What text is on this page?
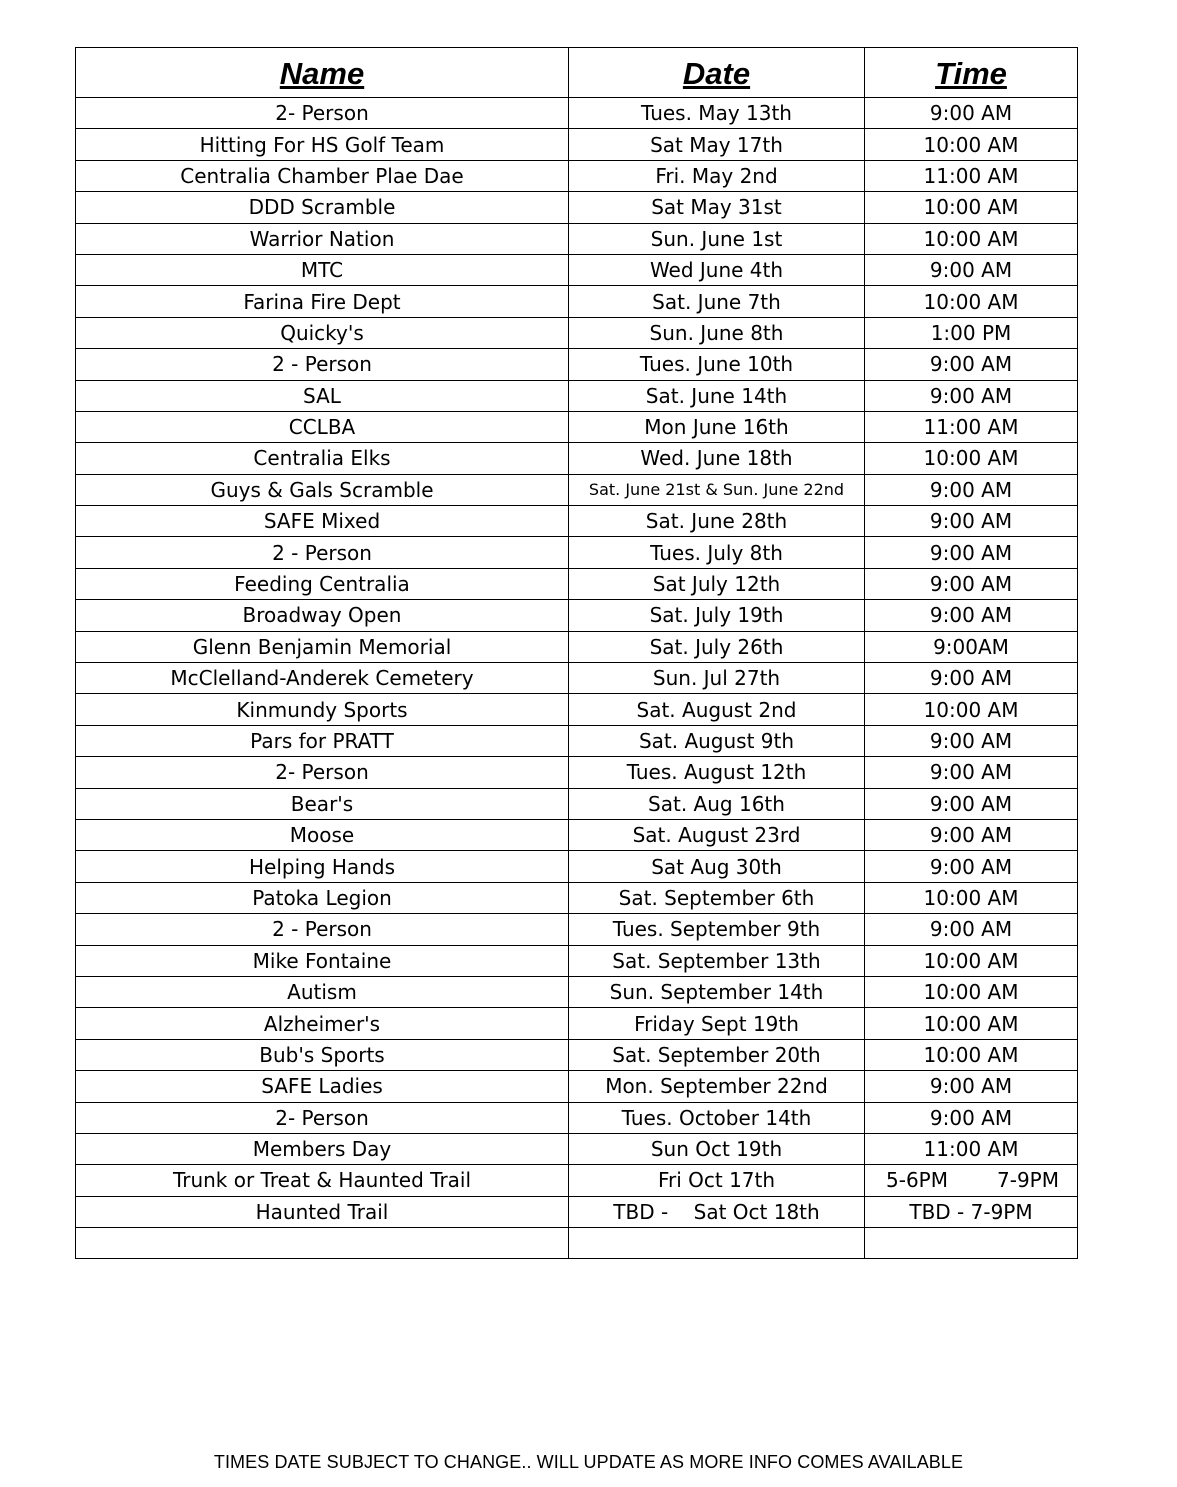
Name	Date	Time
2- Person	Tues. May 13th	9:00 AM
Hitting For HS Golf Team	Sat May 17th	10:00 AM
Centralia Chamber Plae Dae	Fri. May 2nd	11:00 AM
DDD Scramble	Sat May 31st	10:00 AM
Warrior Nation	Sun. June 1st	10:00 AM
MTC	Wed June 4th	9:00 AM
Farina Fire Dept	Sat. June 7th	10:00 AM
Quicky's	Sun. June 8th	1:00 PM
2 - Person	Tues. June 10th	9:00 AM
SAL	Sat. June 14th	9:00 AM
CCLBA	Mon June 16th	11:00 AM
Centralia Elks	Wed. June 18th	10:00 AM
Guys & Gals Scramble	Sat. June 21st & Sun. June 22nd	9:00 AM
SAFE Mixed	Sat. June 28th	9:00 AM
2 - Person	Tues. July 8th	9:00 AM
Feeding Centralia	Sat July 12th	9:00 AM
Broadway Open	Sat. July 19th	9:00 AM
Glenn Benjamin Memorial	Sat. July 26th	9:00AM
McClelland-Anderek Cemetery	Sun. Jul 27th	9:00 AM
Kinmundy Sports	Sat. August 2nd	10:00 AM
Pars for PRATT	Sat. August 9th	9:00 AM
2- Person	Tues. August 12th	9:00 AM
Bear's	Sat. Aug 16th	9:00 AM
Moose	Sat. August 23rd	9:00 AM
Helping Hands	Sat Aug 30th	9:00 AM
Patoka Legion	Sat. September 6th	10:00 AM
2 - Person	Tues. September 9th	9:00 AM
Mike Fontaine	Sat. September 13th	10:00 AM
Autism	Sun. September 14th	10:00 AM
Alzheimer's	Friday Sept 19th	10:00 AM
Bub's Sports	Sat. September 20th	10:00 AM
SAFE Ladies	Mon. September 22nd	9:00 AM
2- Person	Tues. October 14th	9:00 AM
Members Day	Sun Oct 19th	11:00 AM
Trunk or Treat & Haunted Trail	Fri Oct 17th	5-6PM 7-9PM

Haunted Trail	TBD -    Sat Oct 18th	TBD - 7-9PM

TIMES DATE SUBJECT TO CHANGE.. WILL UPDATE AS MORE INFO COMES AVAILABLE
